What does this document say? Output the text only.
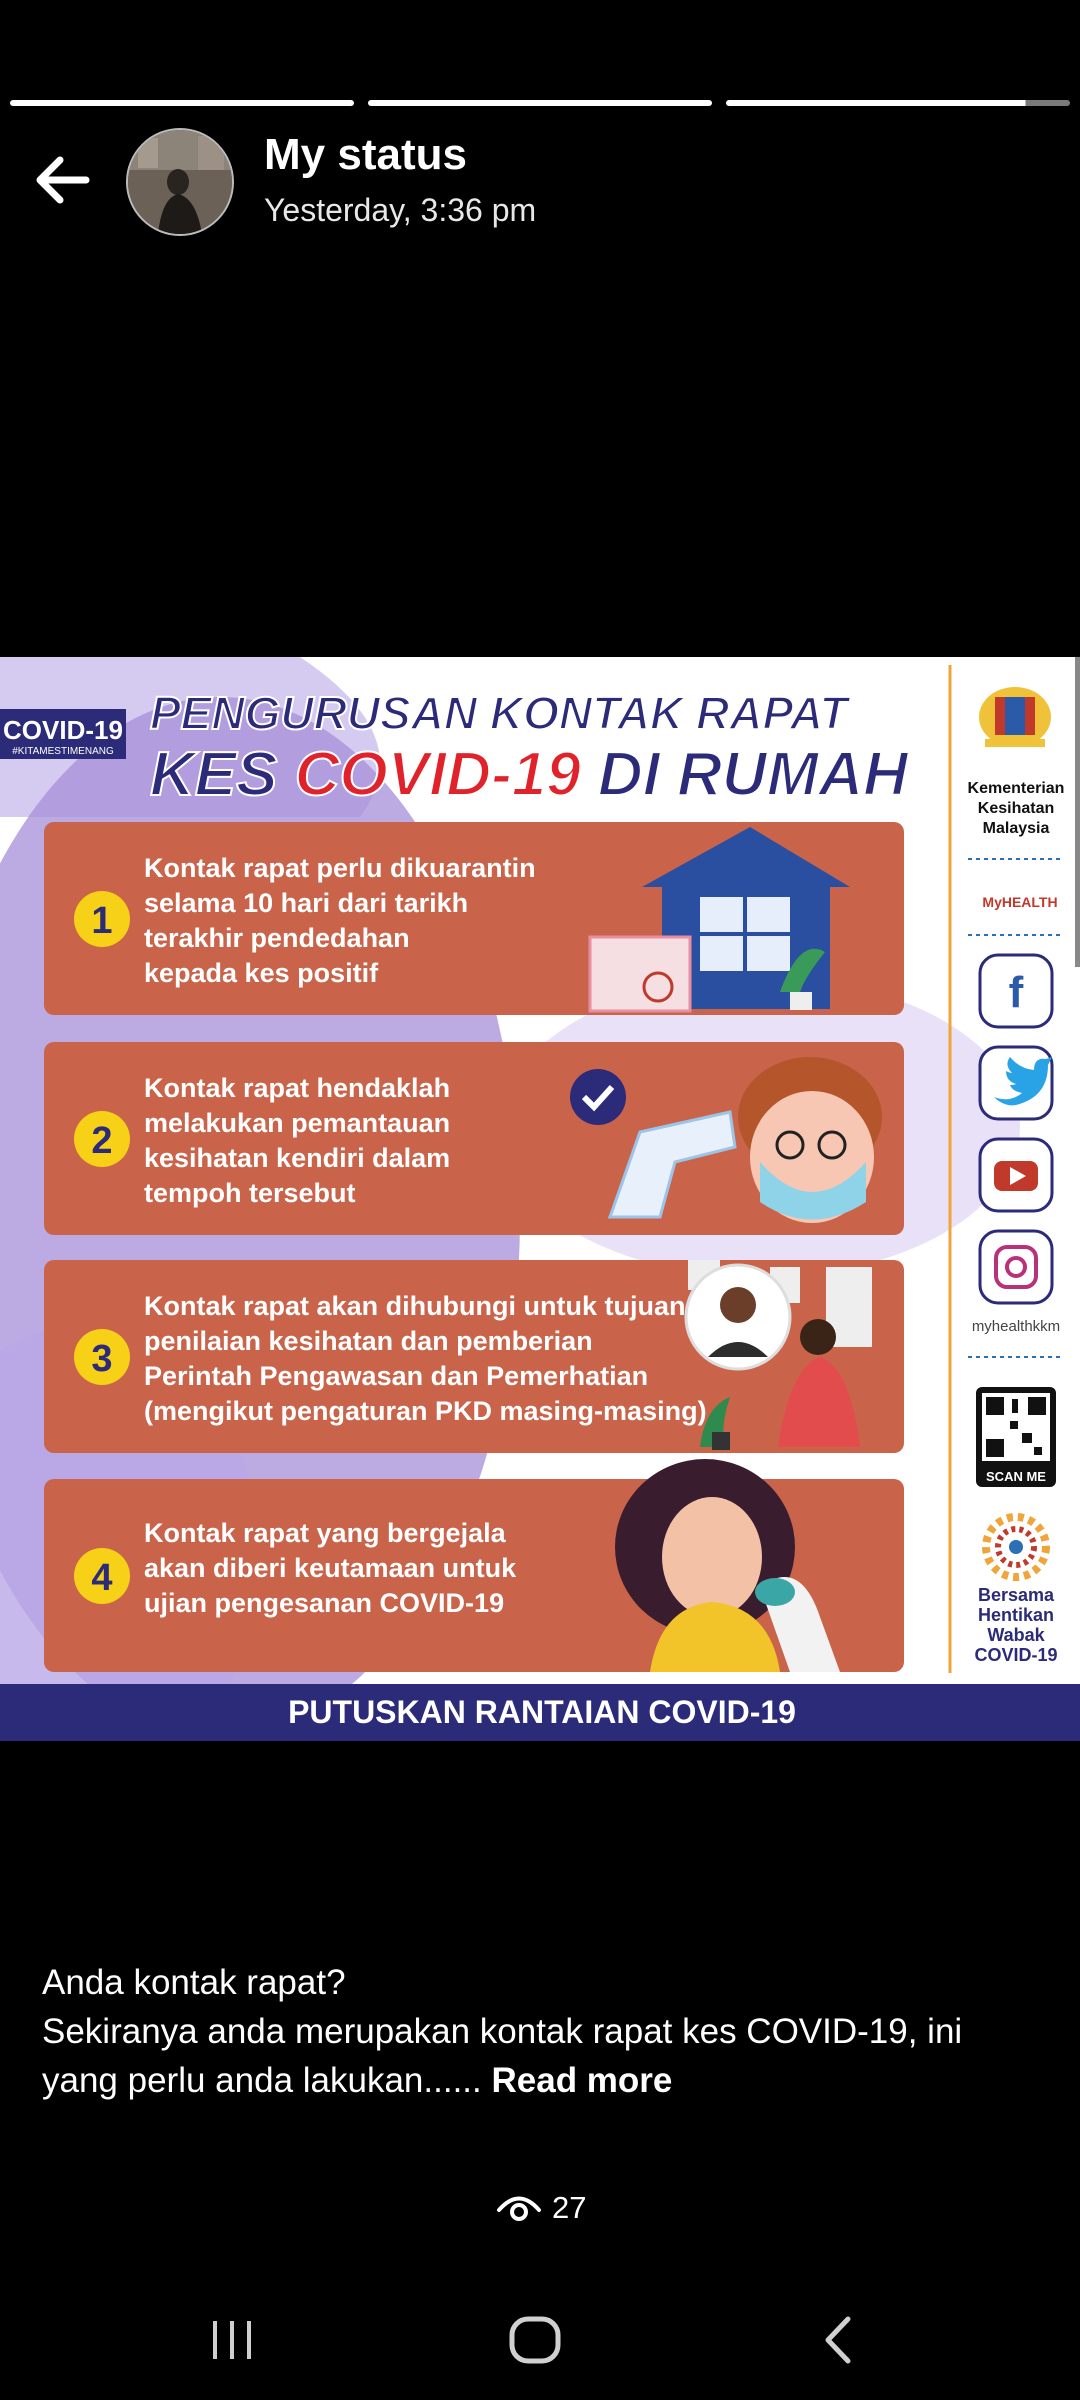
My status
Yesterday, 3:36 pm
COVID-19
#KITAMESTIMENANG
PENGURUSAN KONTAK RAPAT
KES COVID-19 DI RUMAH
1
Kontak rapat perlu dikuarantin
selama 10 hari dari tarikh
terakhir pendedahan
kepada kes positif
2
Kontak rapat hendaklah
melakukan pemantauan
kesihatan kendiri dalam
tempoh tersebut
3
Kontak rapat akan dihubungi untuk tujuan
penilaian kesihatan dan pemberian
Perintah Pengawasan dan Pemerhatian
(mengikut pengaturan PKD masing-masing)
4
Kontak rapat yang bergejala
akan diberi keutamaan untuk
ujian pengesanan COVID-19
PUTUSKAN RANTAIAN COVID-19
Kementerian
Kesihatan
Malaysia
MyHEALTH
f
myhealthkkm
SCAN ME
Bersama
Hentikan
Wabak
COVID-19
Anda kontak rapat?
Sekiranya anda merupakan kontak rapat kes COVID-19, ini yang perlu anda lakukan...... Read more
27
